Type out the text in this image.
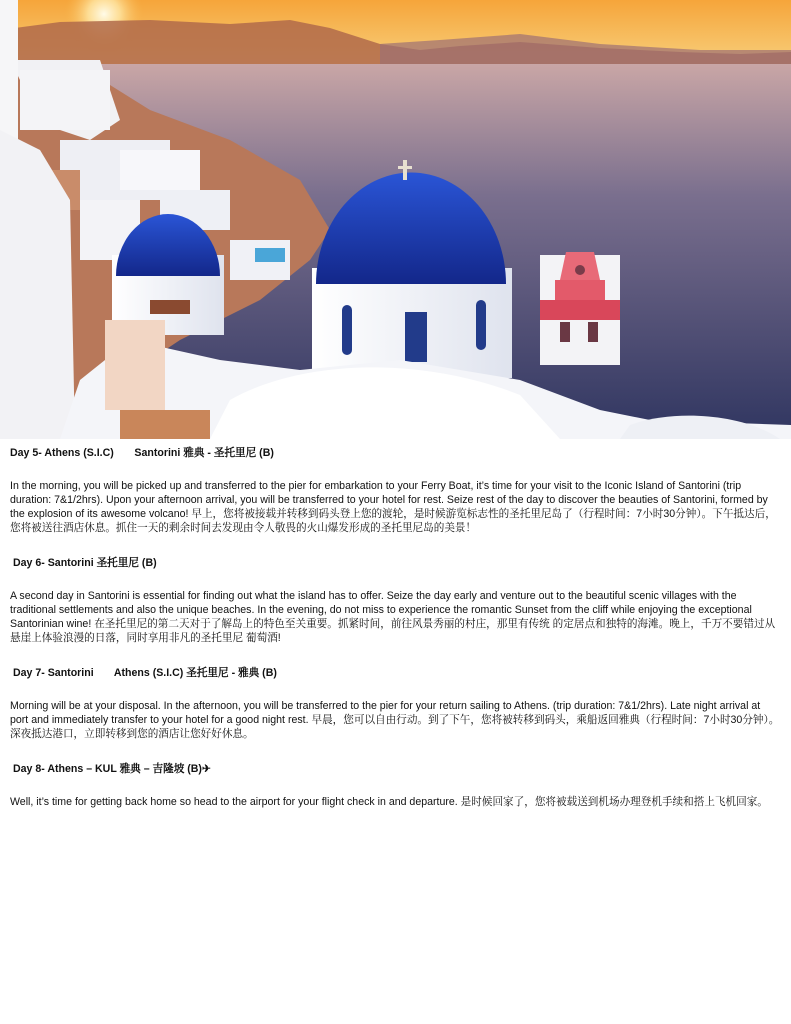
Day 5- Athens (S.I.C)       Santorini 雅典 - 圣托里尼 (B)

In the morning, you will be picked up and transferred to the pier for embarkation to your Ferry Boat, it’s time for your visit to the Iconic Island of Santorini (trip duration: 7&1/2hrs). Upon your afternoon arrival, you will be transferred to your hotel for rest. Seize rest of the day to discover the beauties of Santorini, formed by the explosion of its awesome volcano! 早上，您将被接载并转移到码头登上您的渡轮，是时候游览标志性的圣托里尼岛了（行程时间：7小时30分钟）。下午抵达后，您将被送往酒店休息。抓住一天的剩余时间去发现由令人敬畏的火山爆发形成的圣托里尼岛的美景！

Day 6- Santorini 圣托里尼 (B)

A second day in Santorini is essential for finding out what the island has to offer. Seize the day early and venture out to the beautiful scenic villages with the traditional settlements and also the unique beaches. In the evening, do not miss to experience the romantic Sunset from the cliff while enjoying the exceptional Santorinian wine! 在圣托里尼的第二天对于了解岛上的特色至关重要。抓紧时间，前往风景秀丽的村庄，那里有传统 的定居点和独特的海滩。晚上，千万不要错过从悬崖上体验浪漫的日落，同时享用非凡的圣托里尼 葡萄酒!

Day 7- Santorini       Athens (S.I.C) 圣托里尼 - 雅典 (B)

Morning will be at your disposal. In the afternoon, you will be transferred to the pier for your return sailing to Athens. (trip duration: 7&1/2hrs). Late night arrival at port and immediately transfer to your hotel for a good night rest. 早晨，您可以自由行动。到了下午，您将被转移到码头，乘船返回雅典（行程时间：7小时30分钟）。深夜抵达港口，立即转移到您的酒店让您好好休息。

Day 8- Athens – KUL 雅典 – 吉隆坡 (B)✈

Well, it’s time for getting back home so head to the airport for your flight check in and departure. 是时候回家了，您将被载送到机场办理登机手续和搭上飞机回家。
